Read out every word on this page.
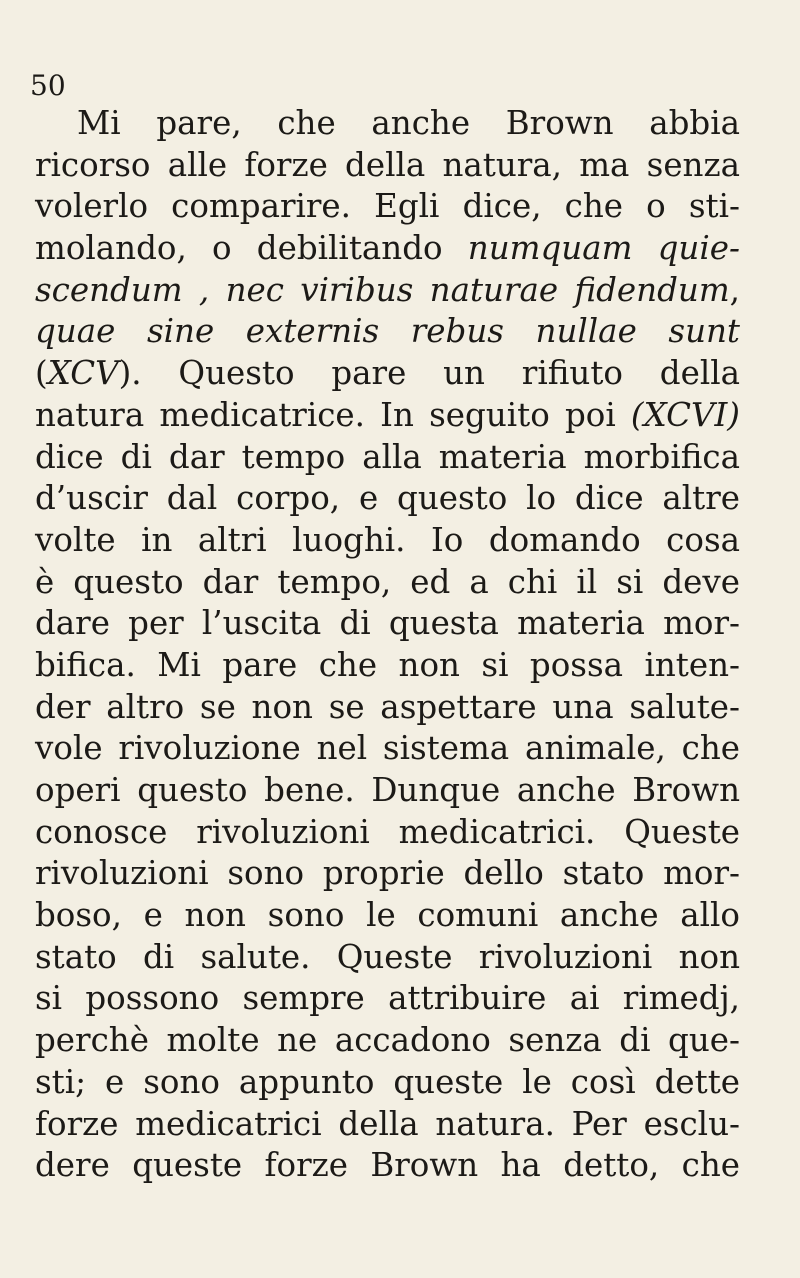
50
Mi pare, che anche Brown abbia
ricorso alle forze della natura, ma senza
volerlo comparire. Egli dice, che o sti-
molando, o debilitando numquam quie-
scendum , nec viribus naturae fidendum,
quae sine externis rebus nullae sunt
(XCV). Questo pare un rifiuto della
natura medicatrice. In seguito poi (XCVI)
dice di dar tempo alla materia morbifica
d’uscir dal corpo, e questo lo dice altre
volte in altri luoghi. Io domando cosa
è questo dar tempo, ed a chi il si deve
dare per l’uscita di questa materia mor-
bifica. Mi pare che non si possa inten-
der altro se non se aspettare una salute-
vole rivoluzione nel sistema animale, che
operi questo bene. Dunque anche Brown
conosce rivoluzioni medicatrici. Queste
rivoluzioni sono proprie dello stato mor-
boso, e non sono le comuni anche allo
stato di salute. Queste rivoluzioni non
si possono sempre attribuire ai rimedj,
perchè molte ne accadono senza di que-
sti; e sono appunto queste le così dette
forze medicatrici della natura. Per esclu-
dere queste forze Brown ha detto, che
